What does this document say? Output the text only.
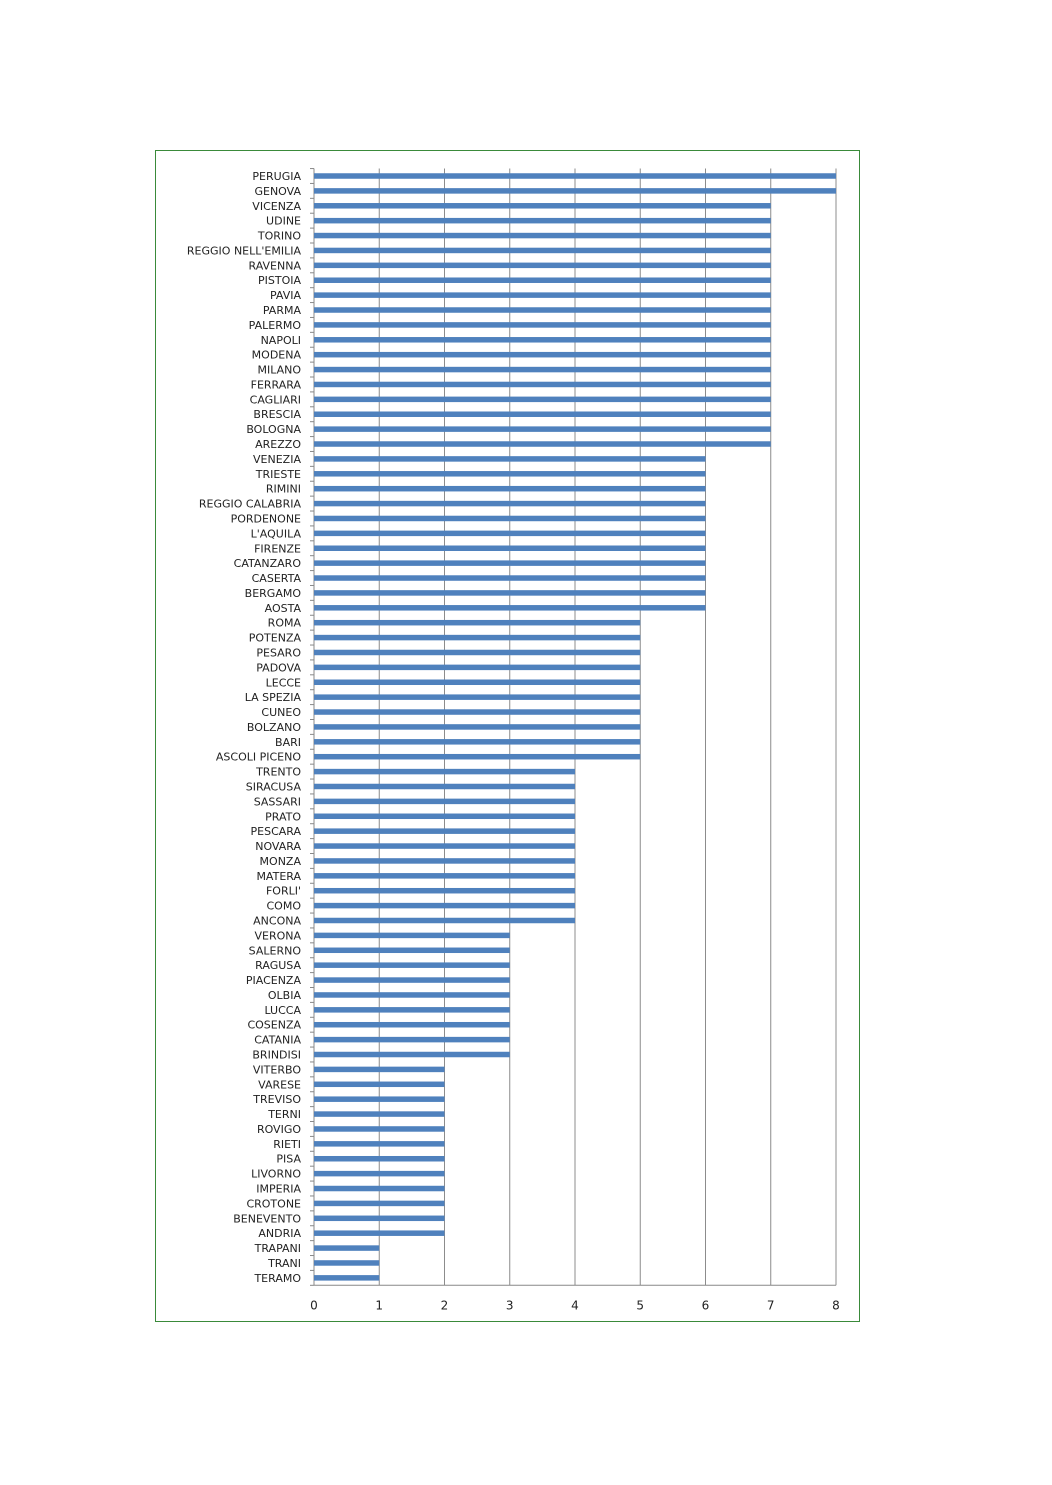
PERUGIA
GENOVA
VICENZA
UDINE
TORINO
REGGIO NELL'EMILIA
RAVENNA
PISTOIA
PAVIA
PARMA
PALERMO
NAPOLI
MODENA
MILANO
FERRARA
CAGLIARI
BRESCIA
BOLOGNA
AREZZO
VENEZIA
TRIESTE
RIMINI
REGGIO CALABRIA
PORDENONE
L'AQUILA
FIRENZE
CATANZARO
CASERTA
BERGAMO
AOSTA
ROMA
POTENZA
PESARO
PADOVA
LECCE
LA SPEZIA
CUNEO
BOLZANO
BARI
ASCOLI PICENO
TRENTO
SIRACUSA
SASSARI
PRATO
PESCARA
NOVARA
MONZA
MATERA
FORLI'
COMO
ANCONA
VERONA
SALERNO
RAGUSA
PIACENZA
OLBIA
LUCCA
COSENZA
CATANIA
BRINDISI
VITERBO
VARESE
TREVISO
TERNI
ROVIGO
RIETI
PISA
LIVORNO
IMPERIA
CROTONE
BENEVENTO
ANDRIA
TRAPANI
TRANI
TERAMO
0	1	2	3	4	5	6	7	8
